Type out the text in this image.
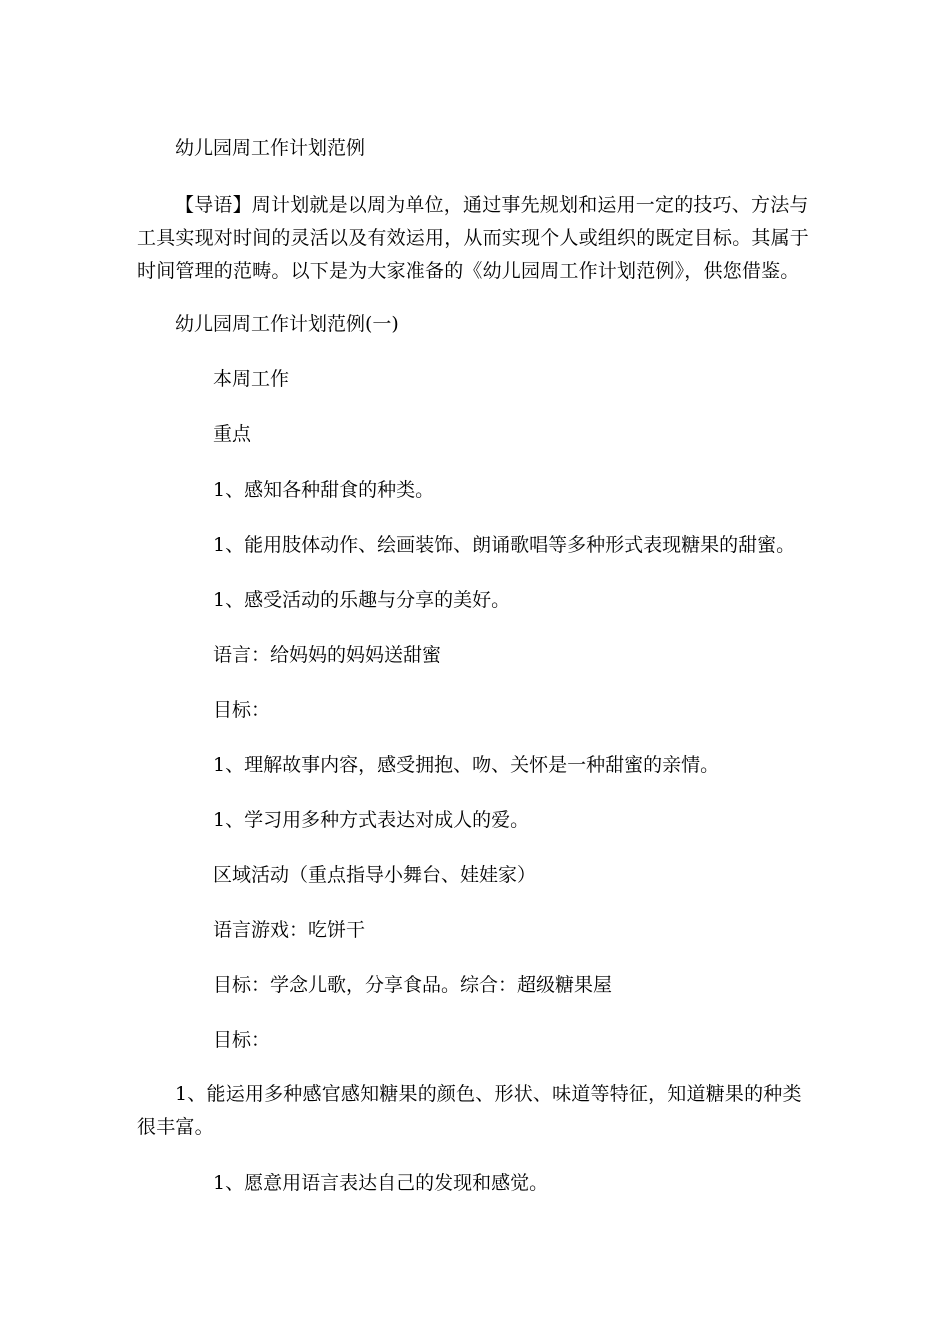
幼儿园周工作计划范例
【导语】周计划就是以周为单位，通过事先规划和运用一定的技巧、方法与工具实现对时间的灵活以及有效运用，从而实现个人或组织的既定目标。其属于时间管理的范畴。以下是为大家准备的《幼儿园周工作计划范例》，供您借鉴。
幼儿园周工作计划范例(一)
本周工作
重点
1、感知各种甜食的种类。
1、能用肢体动作、绘画装饰、朗诵歌唱等多种形式表现糖果的甜蜜。
1、感受活动的乐趣与分享的美好。
语言：给妈妈的妈妈送甜蜜
目标：
1、理解故事内容，感受拥抱、吻、关怀是一种甜蜜的亲情。
1、学习用多种方式表达对成人的爱。
区域活动（重点指导小舞台、娃娃家）
语言游戏：吃饼干
目标：学念儿歌，分享食品。综合：超级糖果屋
目标：
1、能运用多种感官感知糖果的颜色、形状、味道等特征，知道糖果的种类很丰富。
1、愿意用语言表达自己的发现和感觉。
